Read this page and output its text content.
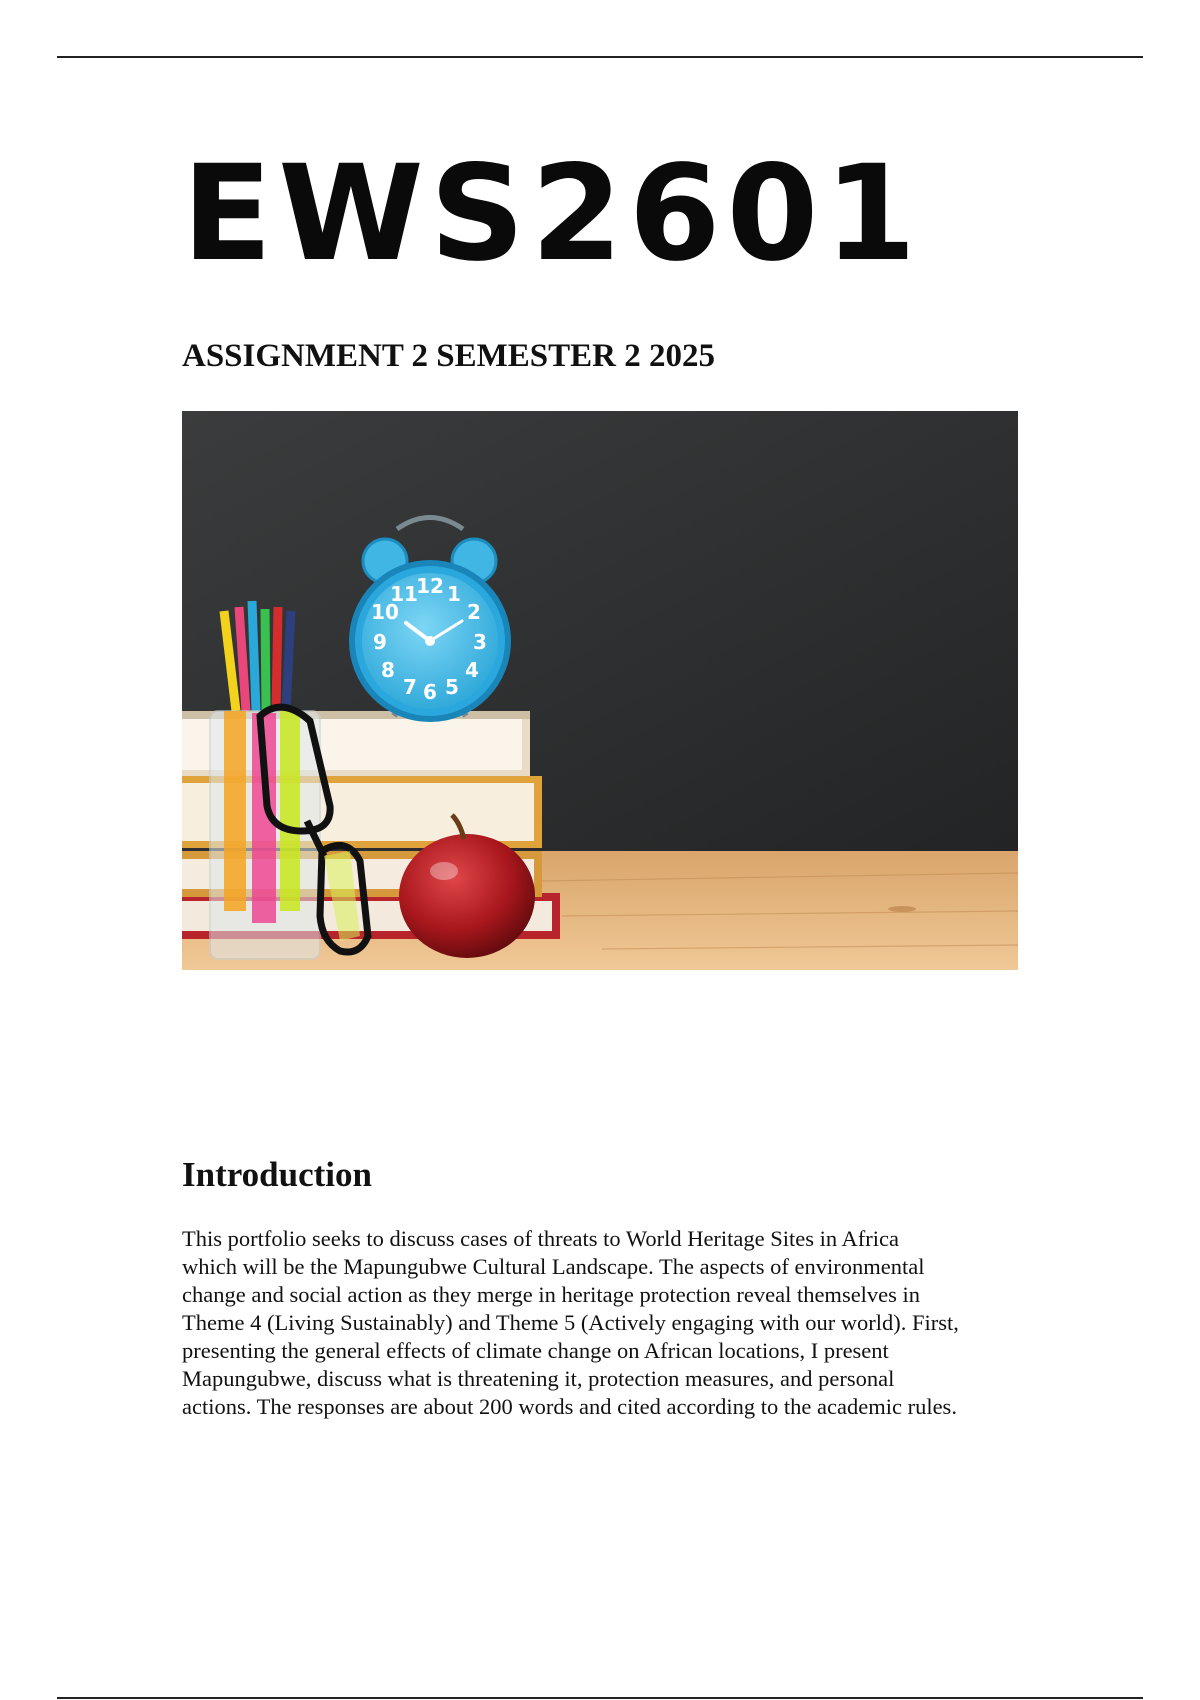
EWS2601
ASSIGNMENT 2 SEMESTER 2 2025
11
12 1
10	2
9	3
8	4
7 6 5
Introduction
This portfolio seeks to discuss cases of threats to World Heritage Sites in Africa
which will be the Mapungubwe Cultural Landscape. The aspects of environmental
change and social action as they merge in heritage protection reveal themselves in
Theme 4 (Living Sustainably) and Theme 5 (Actively engaging with our world). First,
presenting the general effects of climate change on African locations, I present
Mapungubwe, discuss what is threatening it, protection measures, and personal
actions. The responses are about 200 words and cited according to the academic rules.
